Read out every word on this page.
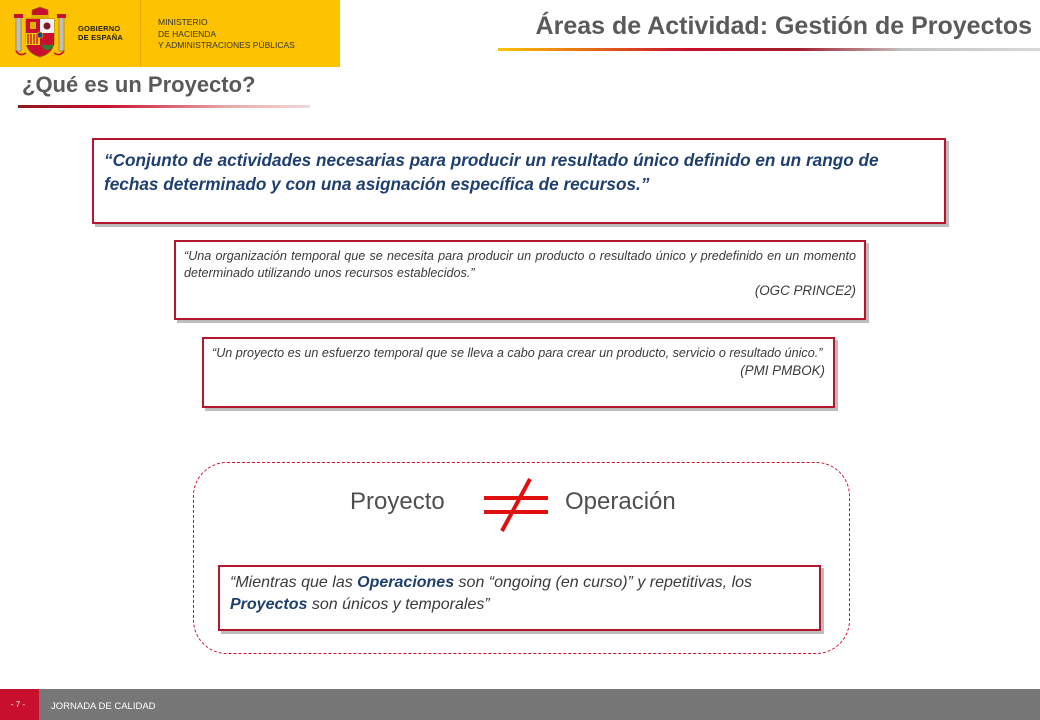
GOBIERNO
DE ESPAÑA
MINISTERIO
DE HACIENDA
Y ADMINISTRACIONES PÚBLICAS
Áreas de Actividad: Gestión de Proyectos
¿Qué es un Proyecto?

“Conjunto de actividades necesarias para producir un resultado único definido en un rango de fechas determinado y con una asignación específica de recursos.”

“Una organización temporal que se necesita para producir un producto o resultado único y predefinido en un momento determinado utilizando unos recursos establecidos.”

(OGC PRINCE2)

“Un proyecto es un esfuerzo temporal que se lleva a cabo para crear un producto, servicio o resultado único.”

(PMI PMBOK)
Proyecto	Operación

“Mientras que las Operaciones son “ongoing (en curso)” y repetitivas, los Proyectos son únicos y temporales”

- 7 -	JORNADA DE CALIDAD
